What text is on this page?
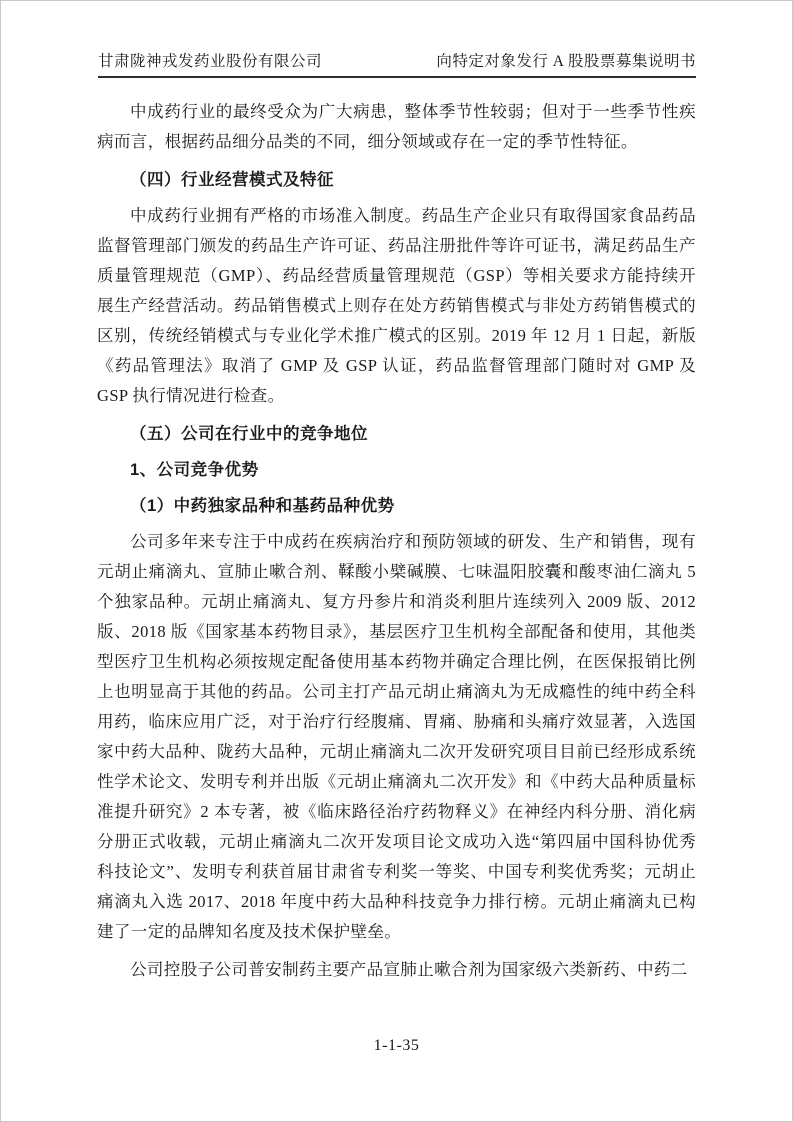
甘肃陇神戎发药业股份有限公司	向特定对象发行 A 股股票募集说明书

中成药行业的最终受众为广大病患，整体季节性较弱；但对于一些季节性疾病而言，根据药品细分品类的不同，细分领域或存在一定的季节性特征。

（四）行业经营模式及特征

中成药行业拥有严格的市场准入制度。药品生产企业只有取得国家食品药品监督管理部门颁发的药品生产许可证、药品注册批件等许可证书，满足药品生产质量管理规范（GMP）、药品经营质量管理规范（GSP）等相关要求方能持续开展生产经营活动。药品销售模式上则存在处方药销售模式与非处方药销售模式的区别，传统经销模式与专业化学术推广模式的区别。2019 年 12 月 1 日起，新版《药品管理法》取消了 GMP 及 GSP 认证，药品监督管理部门随时对 GMP 及 GSP 执行情况进行检查。

（五）公司在行业中的竞争地位
1、公司竞争优势
（1）中药独家品种和基药品种优势

公司多年来专注于中成药在疾病治疗和预防领域的研发、生产和销售，现有元胡止痛滴丸、宣肺止嗽合剂、鞣酸小檗碱膜、七味温阳胶囊和酸枣油仁滴丸 5 个独家品种。元胡止痛滴丸、复方丹参片和消炎利胆片连续列入 2009 版、2012 版、2018 版《国家基本药物目录》，基层医疗卫生机构全部配备和使用，其他类型医疗卫生机构必须按规定配备使用基本药物并确定合理比例，在医保报销比例上也明显高于其他的药品。公司主打产品元胡止痛滴丸为无成瘾性的纯中药全科用药，临床应用广泛，对于治疗行经腹痛、胃痛、胁痛和头痛疗效显著，入选国家中药大品种、陇药大品种，元胡止痛滴丸二次开发研究项目目前已经形成系统性学术论文、发明专利并出版《元胡止痛滴丸二次开发》和《中药大品种质量标准提升研究》2 本专著，被《临床路径治疗药物释义》在神经内科分册、消化病分册正式收载，元胡止痛滴丸二次开发项目论文成功入选“第四届中国科协优秀科技论文”、发明专利获首届甘肃省专利奖一等奖、中国专利奖优秀奖；元胡止痛滴丸入选 2017、2018 年度中药大品种科技竞争力排行榜。元胡止痛滴丸已构建了一定的品牌知名度及技术保护壁垒。

公司控股子公司普安制药主要产品宣肺止嗽合剂为国家级六类新药、中药二

1-1-35
